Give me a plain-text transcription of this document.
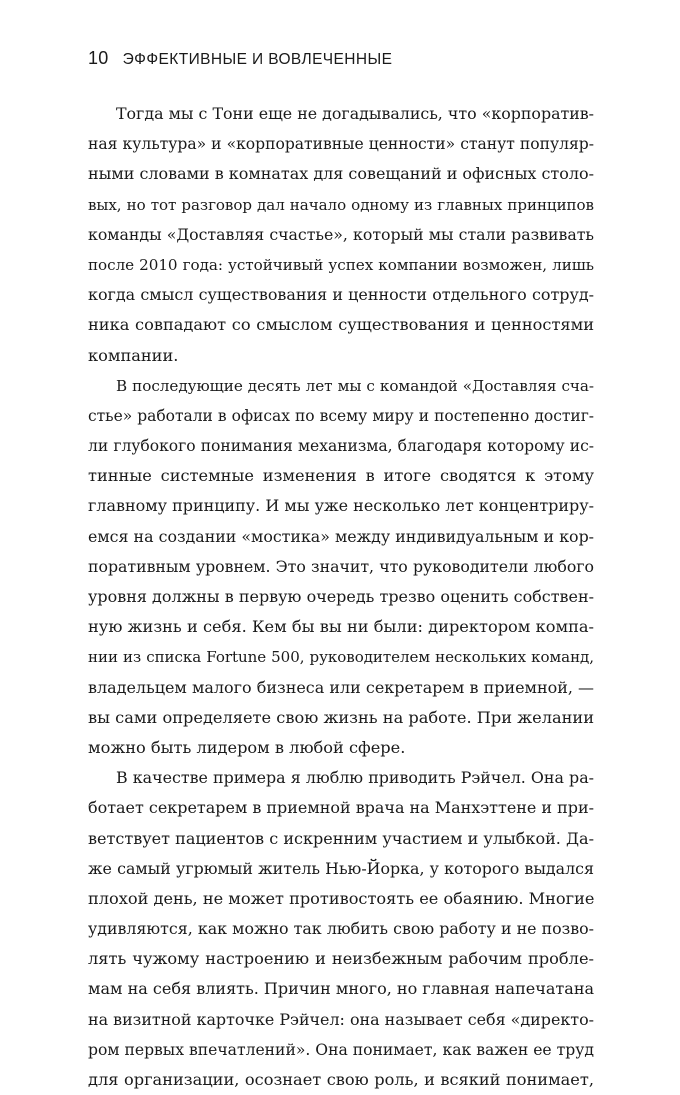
10 ЭФФЕКТИВНЫЕ И ВОВЛЕЧЕННЫЕ
Тогда мы с Тони еще не догадывались, что «корпоратив-
ная культура» и «корпоративные ценности» станут популяр-
ными словами в комнатах для совещаний и офисных столо-
вых, но тот разговор дал начало одному из главных принципов
команды «Доставляя счастье», который мы стали развивать
после 2010 года: устойчивый успех компании возможен, лишь
когда смысл существования и ценности отдельного сотруд-
ника совпадают со смыслом существования и ценностями
компании.
В последующие десять лет мы с командой «Доставляя сча-
стье» работали в офисах по всему миру и постепенно достиг-
ли глубокого понимания механизма, благодаря которому ис-
тинные системные изменения в итоге сводятся к этому
главному принципу. И мы уже несколько лет концентриру-
емся на создании «мостика» между индивидуальным и кор-
поративным уровнем. Это значит, что руководители любого
уровня должны в первую очередь трезво оценить собствен-
ную жизнь и себя. Кем бы вы ни были: директором компа-
нии из списка Fortune 500, руководителем нескольких команд,
владельцем малого бизнеса или секретарем в приемной, —
вы сами определяете свою жизнь на работе. При желании
можно быть лидером в любой сфере.
В качестве примера я люблю приводить Рэйчел. Она ра-
ботает секретарем в приемной врача на Манхэттене и при-
ветствует пациентов с искренним участием и улыбкой. Да-
же самый угрюмый житель Нью-Йорка, у которого выдался
плохой день, не может противостоять ее обаянию. Многие
удивляются, как можно так любить свою работу и не позво-
лять чужому настроению и неизбежным рабочим пробле-
мам на себя влиять. Причин много, но главная напечатана
на визитной карточке Рэйчел: она называет себя «директо-
ром первых впечатлений». Она понимает, как важен ее труд
для организации, осознает свою роль, и всякий понимает,
